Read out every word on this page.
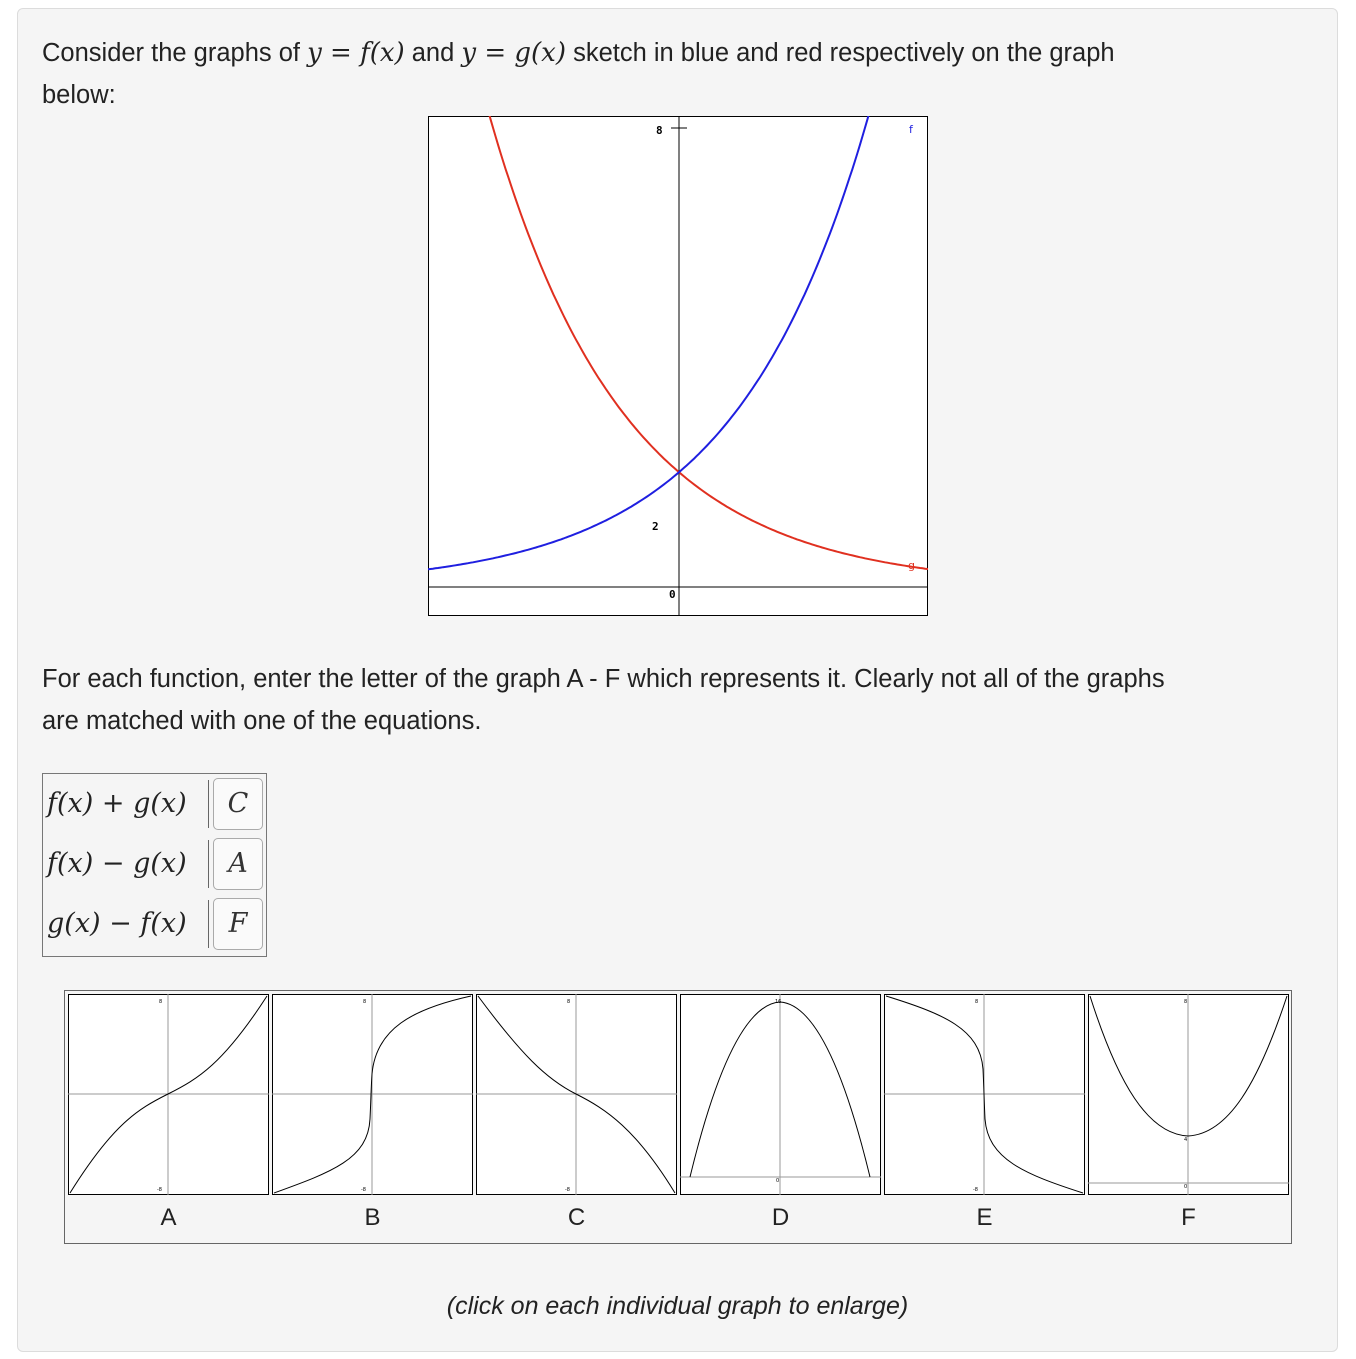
Consider the graphs of y = f(x) and y = g(x) sketch in blue and red respectively on the graph
below:
8
2
0
f
g
For each function, enter the letter of the graph A - F which represents it. Clearly not all of the graphs
are matched with one of the equations.
f(x) + g(x)	C
f(x) − g(x)	A
g(x) − f(x)	F
8
-8
A
8
-8
B
8
-8
C
16
0
D
8
-8
E
8
4
0
F
(click on each individual graph to enlarge)
